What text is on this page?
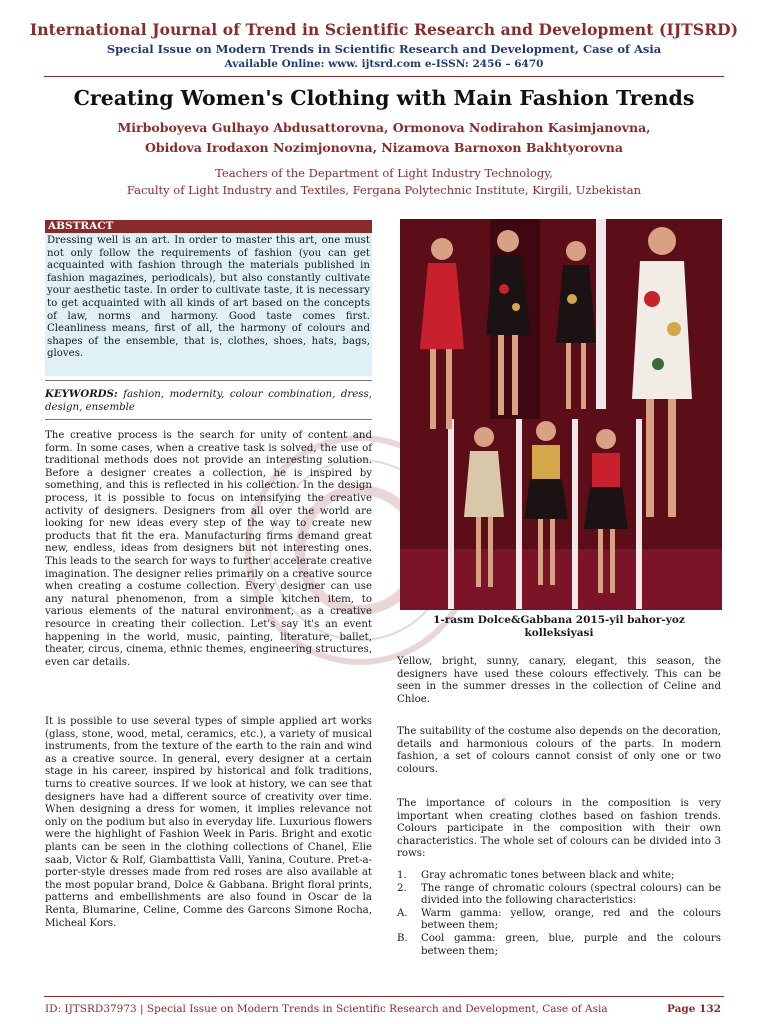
International Journal of Trend in Scientific Research and Development (IJTSRD)
Special Issue on Modern Trends in Scientific Research and Development, Case of Asia
Available Online: www. ijtsrd.com e-ISSN: 2456 – 6470
Creating Women's Clothing with Main Fashion Trends
Mirboboyeva Gulhayo Abdusattorovna, Ormonova Nodirahon Kasimjanovna,
Obidova Irodaxon Nozimjonovna, Nizamova Barnoxon Bakhtyorovna
Teachers of the Department of Light Industry Technology,
Faculty of Light Industry and Textiles, Fergana Polytechnic Institute, Kirgili, Uzbekistan
ABSTRACT
Dressing well is an art. In order to master this art, one must not only follow the requirements of fashion (you can get acquainted with fashion through the materials published in fashion magazines, periodicals), but also constantly cultivate your aesthetic taste. In order to cultivate taste, it is necessary to get acquainted with all kinds of art based on the concepts of law, norms and harmony. Good taste comes first. Cleanliness means, first of all, the harmony of colours and shapes of the ensemble, that is, clothes, shoes, hats, bags, gloves.
KEYWORDS: fashion, modernity, colour combination, dress, design, ensemble
The creative process is the search for unity of content and form. In some cases, when a creative task is solved, the use of traditional methods does not provide an interesting solution. Before a designer creates a collection, he is inspired by something, and this is reflected in his collection. In the design process, it is possible to focus on intensifying the creative activity of designers. Designers from all over the world are looking for new ideas every step of the way to create new products that fit the era. Manufacturing firms demand great new, endless, ideas from designers but not interesting ones. This leads to the search for ways to further accelerate creative imagination. The designer relies primarily on a creative source when creating a costume collection. Every designer can use any natural phenomenon, from a simple kitchen item, to various elements of the natural environment, as a creative resource in creating their collection. Let's say it's an event happening in the world, music, painting, literature, ballet, theater, circus, cinema, ethnic themes, engineering structures, even car details.
It is possible to use several types of simple applied art works (glass, stone, wood, metal, ceramics, etc.), a variety of musical instruments, from the texture of the earth to the rain and wind as a creative source. In general, every designer at a certain stage in his career, inspired by historical and folk traditions, turns to creative sources. If we look at history, we can see that designers have had a different source of creativity over time. When designing a dress for women, it implies relevance not only on the podium but also in everyday life. Luxurious flowers were the highlight of Fashion Week in Paris. Bright and exotic plants can be seen in the clothing collections of Chanel, Elie saab, Victor & Rolf, Giambattista Valli, Yanina, Couture. Pret-a-porter-style dresses made from red roses are also available at the most popular brand, Dolce & Gabbana. Bright floral prints, patterns and embellishments are also found in Oscar de la Renta, Blumarine, Celine, Comme des Garcons Simone Rocha, Micheal Kors.
1-rasm Dolce&Gabbana 2015-yil bahor-yoz kolleksiyasi
Yellow, bright, sunny, canary, elegant, this season, the designers have used these colours effectively. This can be seen in the summer dresses in the collection of Celine and Chloe.
The suitability of the costume also depends on the decoration, details and harmonious colours of the parts. In modern fashion, a set of colours cannot consist of only one or two colours.
The importance of colours in the composition is very important when creating clothes based on fashion trends. Colours participate in the composition with their own characteristics. The whole set of colours can be divided into 3 rows:
1.	Gray achromatic tones between black and white;
2.	The range of chromatic colours (spectral colours) can be divided into the following characteristics:
A.	Warm gamma: yellow, orange, red and the colours between them;
B.	Cool gamma: green, blue, purple and the colours between them;
ID: IJTSRD37973 | Special Issue on Modern Trends in Scientific Research and Development, Case of Asia	Page 132
